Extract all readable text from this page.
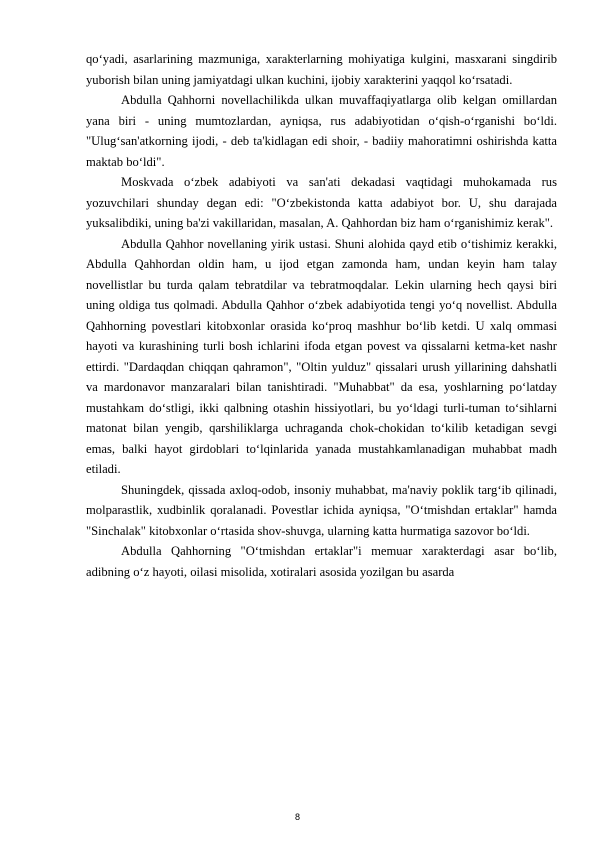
qo‘yadi, asarlarining mazmuniga, xarakterlarning mohiyatiga kulgini, masxarani singdirib yuborish bilan uning jamiyatdagi ulkan kuchini, ijobiy xarakterini yaqqol ko‘rsatadi.

Abdulla Qahhorni novellachilikda ulkan muvaffaqiyatlarga olib kelgan omillardan yana biri - uning mumtozlardan, ayniqsa, rus adabiyotidan o‘qish-o‘rganishi bo‘ldi. "Ulug‘san'atkorning ijodi, - deb ta'kidlagan edi shoir, - badiiy mahoratimni oshirishda katta maktab bo‘ldi".

Moskvada o‘zbek adabiyoti va san'ati dekadasi vaqtidagi muhokamada rus yozuvchilari shunday degan edi: "O‘zbekistonda katta adabiyot bor. U, shu darajada yuksalibdiki, uning ba'zi vakillaridan, masalan, A. Qahhordan biz ham o‘rganishimiz kerak".

Abdulla Qahhor novellaning yirik ustasi. Shuni alohida qayd etib o‘tishimiz kerakki, Abdulla Qahhordan oldin ham, u ijod etgan zamonda ham, undan keyin ham talay novellistlar bu turda qalam tebratdilar va tebratmoqdalar. Lekin ularning hech qaysi biri uning oldiga tus qolmadi. Abdulla Qahhor o‘zbek adabiyotida tengi yo‘q novellist. Abdulla Qahhorning povestlari kitobxonlar orasida ko‘proq mashhur bo‘lib ketdi. U xalq ommasi hayoti va kurashining turli bosh ichlarini ifoda etgan povest va qissalarni ketma-ket nashr ettirdi. "Dardaqdan chiqqan qahramon", "Oltin yulduz" qissalari urush yillarining dahshatli va mardonavor manzaralari bilan tanishtiradi. "Muhabbat" da esa, yoshlarning po‘latday mustahkam do‘stligi, ikki qalbning otashin hissiyotlari, bu yo‘ldagi turli-tuman to‘sihlarni matonat bilan yengib, qarshiliklarga uchraganda chok-chokidan to‘kilib ketadigan sevgi emas, balki hayot girdoblari to‘lqinlarida yanada mustahkamlanadigan muhabbat madh etiladi.

Shuningdek, qissada axloq-odob, insoniy muhabbat, ma'naviy poklik targ‘ib qilinadi, molparastlik, xudbinlik qoralanadi. Povestlar ichida ayniqsa, "O‘tmishdan ertaklar" hamda "Sinchalak" kitobxonlar o‘rtasida shov-shuvga, ularning katta hurmatiga sazovor bo‘ldi.

Abdulla Qahhorning "O‘tmishdan ertaklar"i memuar xarakterdagi asar bo‘lib, adibning o‘z hayoti, oilasi misolida, xotiralari asosida yozilgan bu asarda

8
